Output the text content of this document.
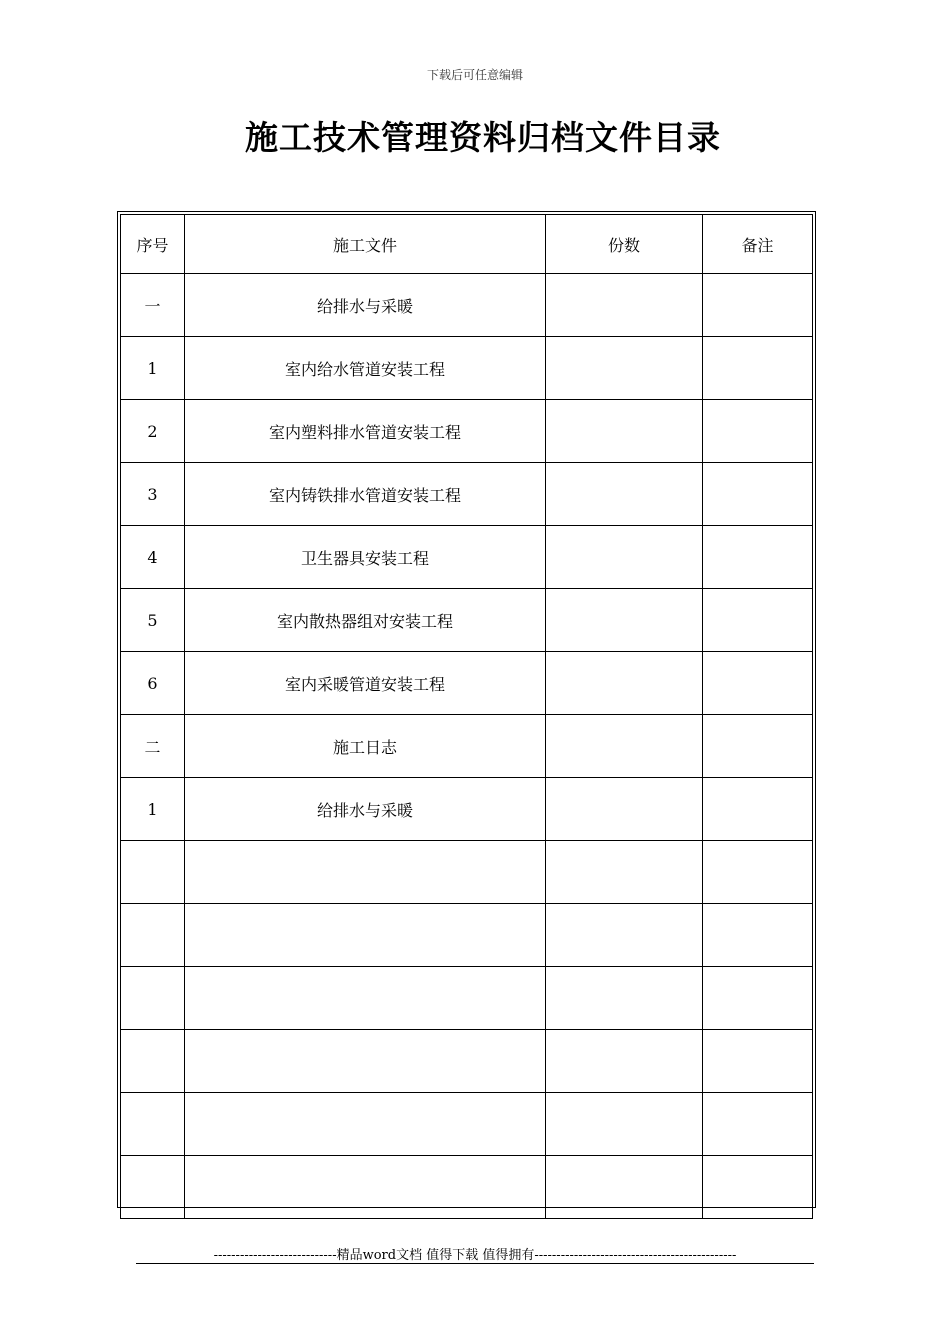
下载后可任意编辑
施工技术管理资料归档文件目录
序号	施工文件	份数	备注
一	给排水与采暖		
1	室内给水管道安装工程		
2	室内塑料排水管道安装工程		
3	室内铸铁排水管道安装工程		
4	卫生器具安装工程		
5	室内散热器组对安装工程		
6	室内采暖管道安装工程		
二	施工日志		
1	给排水与采暖		

----------------------------精品word文档 值得下载 值得拥有----------------------------------------------
